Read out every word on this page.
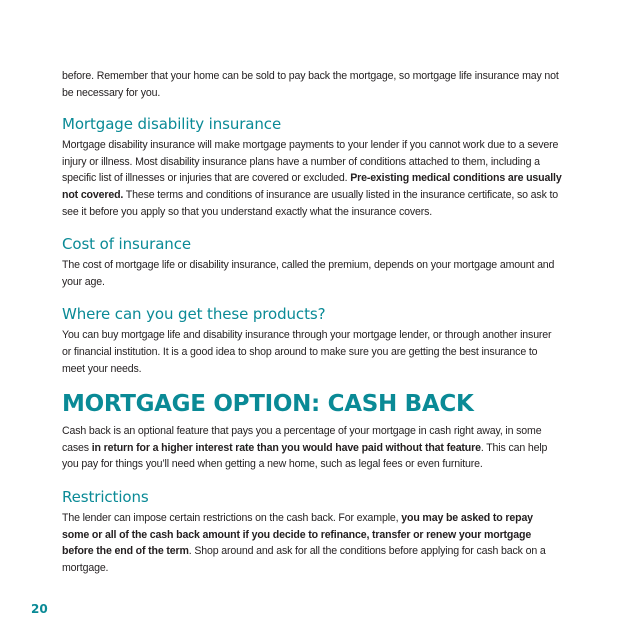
before. Remember that your home can be sold to pay back the mortgage, so mortgage life insurance may not be necessary for you.

Mortgage disability insurance

Mortgage disability insurance will make mortgage payments to your lender if you cannot work due to a severe injury or illness. Most disability insurance plans have a number of conditions attached to them, including a specific list of illnesses or injuries that are covered or excluded. Pre-existing medical conditions are usually not covered. These terms and conditions of insurance are usually listed in the insurance certificate, so ask to see it before you apply so that you understand exactly what the insurance covers.

Cost of insurance

The cost of mortgage life or disability insurance, called the premium, depends on your mortgage amount and your age.

Where can you get these products?

You can buy mortgage life and disability insurance through your mortgage lender, or through another insurer or financial institution. It is a good idea to shop around to make sure you are getting the best insurance to meet your needs.

MORTGAGE OPTION: CASH BACK

Cash back is an optional feature that pays you a percentage of your mortgage in cash right away, in some cases in return for a higher interest rate than you would have paid without that feature. This can help you pay for things you’ll need when getting a new home, such as legal fees or even furniture.

Restrictions

The lender can impose certain restrictions on the cash back. For example, you may be asked to repay some or all of the cash back amount if you decide to refinance, transfer or renew your mortgage before the end of the term. Shop around and ask for all the conditions before applying for cash back on a mortgage.

20
